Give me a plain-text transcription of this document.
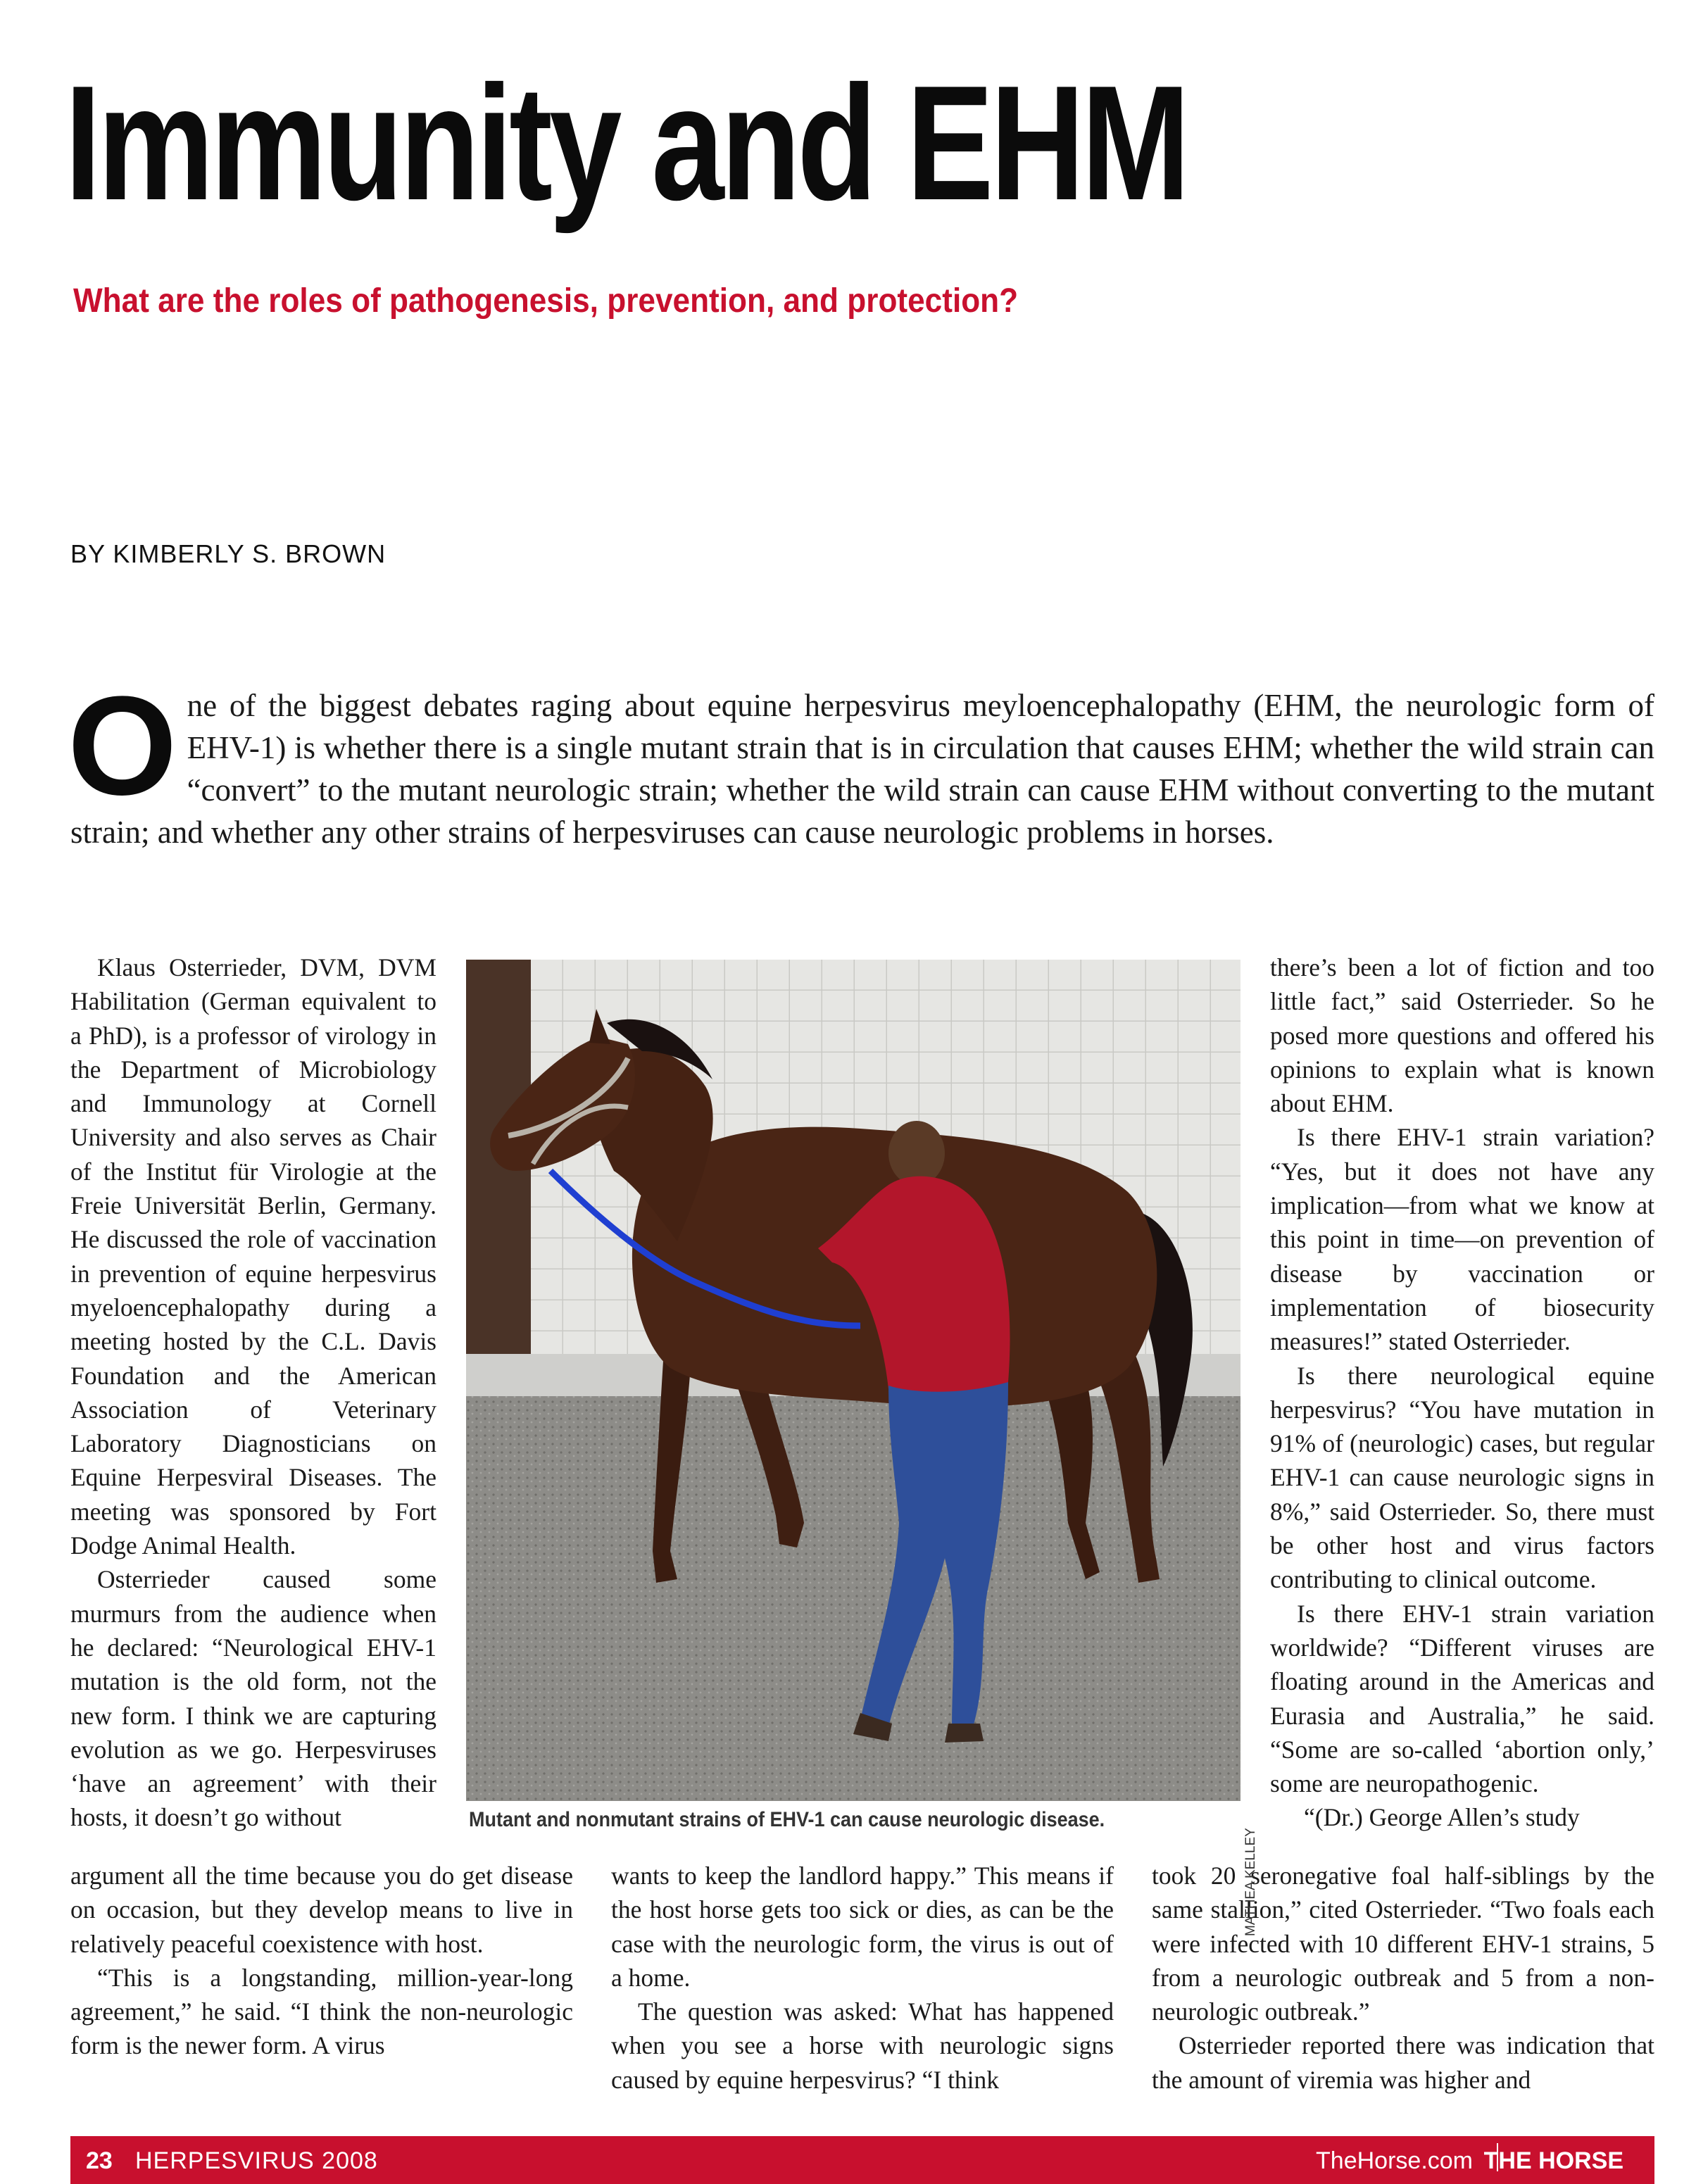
Immunity and EHM
What are the roles of pathogenesis, prevention, and protection?
BY KIMBERLY S. BROWN
One of the biggest debates raging about equine herpesvirus meyloencephalopathy (EHM, the neurologic form of EHV-1) is whether there is a single mutant strain that is in circulation that causes EHM; whether the wild strain can “convert” to the mutant neurologic strain; whether the wild strain can cause EHM without converting to the mutant strain; and whether any other strains of herpesviruses can cause neurologic problems in horses.

Klaus Osterrieder, DVM, DVM Habilitation (German equivalent to a PhD), is a professor of virology in the Department of Microbiology and Immunology at Cornell University and also serves as Chair of the Institut für Virologie at the Freie Universität Berlin, Germany. He discussed the role of vaccination in prevention of equine herpesvirus myeloencephalopathy during a meeting hosted by the C.L. Davis Foundation and the American Association of Veterinary Laboratory Diagnosticians on Equine Herpesviral Diseases. The meeting was sponsored by Fort Dodge Animal Health.

Osterrieder caused some murmurs from the audience when he declared: “Neurological EHV-1 mutation is the old form, not the new form. I think we are capturing evolution as we go. Herpesviruses ‘have an agreement’ with their hosts, it doesn’t go without

there’s been a lot of fiction and too little fact,” said Osterrieder. So he posed more questions and offered his opinions to explain what is known about EHM.

Is there EHV-1 strain variation? “Yes, but it does not have any implication—from what we know at this point in time—on prevention of disease by vaccination or implementation of biosecurity measures!” stated Osterrieder.

Is there neurological equine herpesvirus? “You have mutation in 91% of (neurologic) cases, but regular EHV-1 can cause neurologic signs in 8%,” said Osterrieder. So, there must be other host and virus factors contributing to clinical outcome.

Is there EHV-1 strain variation worldwide? “Different viruses are floating around in the Americas and Eurasia and Australia,” he said. “Some are so-called ‘abortion only,’ some are neuropathogenic.

“(Dr.) George Allen’s study

argument all the time because you do get disease on occasion, but they develop means to live in relatively peaceful coexistence with host.

“This is a longstanding, million-year-long agreement,” he said. “I think the non-neurologic form is the newer form. A virus

wants to keep the landlord happy.” This means if the host horse gets too sick or dies, as can be the case with the neurologic form, the virus is out of a home.

The question was asked: What has happened when you see a horse with neurologic signs caused by equine herpesvirus? “I think

took 20 seronegative foal half-siblings by the same stallion,” cited Osterrieder. “Two foals each were infected with 10 different EHV-1 strains, 5 from a neurologic outbreak and 5 from a non-neurologic outbreak.”

Osterrieder reported there was indication that the amount of viremia was higher and

Mutant and nonmutant strains of EHV-1 can cause neurologic disease.
MATHEA KELLEY
23 HERPESVIRUS 2008	TheHorse.com THE HORSE
